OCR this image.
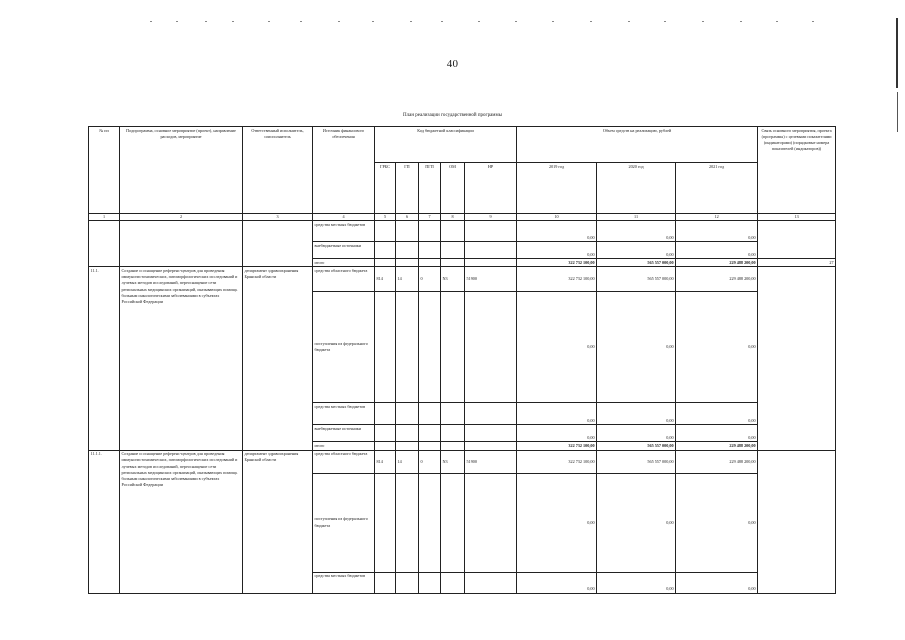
40
План реализации государственной программы
№ пп	Подпрограмма, основное мероприятие (проект), направление расходов, мероприятие	Ответственный исполнитель, соисполнитель	Источник финансового обеспечения	Код бюджетной классификации					Объем средств на реализацию, рублей			Связь основного мероприятия, проекта (программы) с целевыми показателями (индикаторами) (порядковые номера показателей (индикаторов))
				ГРБС	ГП	ПГП	ОМ	НР	2019 год	2020 год	2021 год	
1	2	3	4	5	6	7	8	9	10	11	12	13
			средства местных бюджетов						0,00	0,00	0,00	
			внебюджетные источники						0,00	0,00	0,00	
			итого						322 732 100,00	565 557 000,00	229 488 200,00	27
11.1.	Создание и оснащение референс-центров для проведения иммуногистохимических, патоморфологических исследований и лучевых методов исследований, переоснащение сети региональных медицинских организаций, оказывающих помощь больным онкологическими заболеваниями в субъектах Российской Федерации	департамент здравоохранения Брянской области	средства областного бюджета	814	14	0	N3	51900	322 732 100,00	565 557 000,00	229 488 200,00	
			поступления из федерального бюджета						0,00	0,00	0,00	
			средства местных бюджетов						0,00	0,00	0,00	
			внебюджетные источники						0,00	0,00	0,00	
			итого						322 732 100,00	565 557 000,00	229 488 200,00	
11.1.1.	Создание и оснащение референс-центров для проведения иммуногистохимических, патоморфологических исследований и лучевых методов исследований, переоснащение сети региональных медицинских организаций, оказывающих помощь больным онкологическими заболеваниями в субъектах Российской Федерации	департамент здравоохранения Брянской области	средства областного бюджета	814	14	0	N3	51900	322 732 100,00	565 557 000,00	229 488 200,00	
			поступления из федерального бюджета						0,00	0,00	0,00	
			средства местных бюджетов						0,00	0,00	0,00	
